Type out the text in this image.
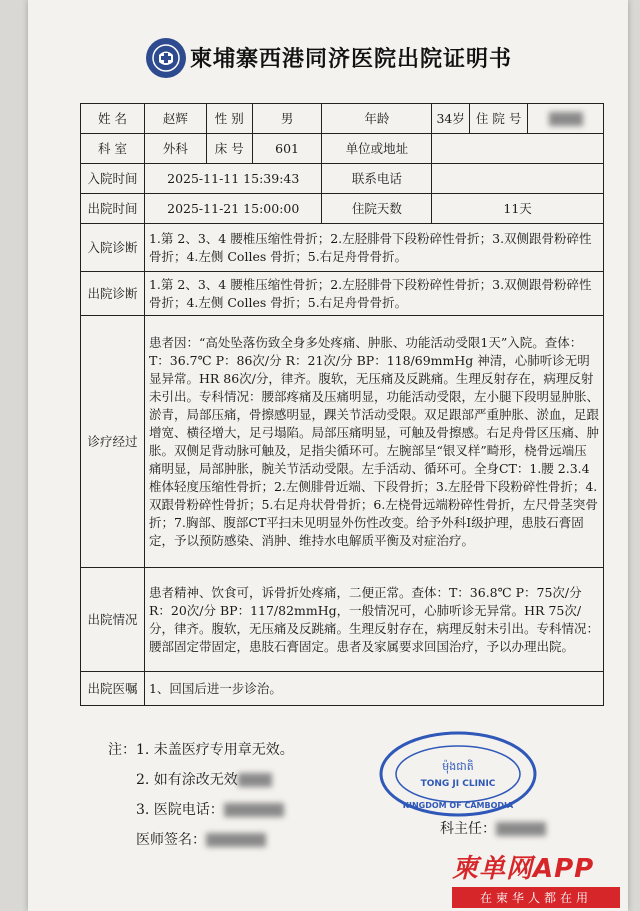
柬埔寨西港同济医院出院证明书
姓 名	赵辉	性 别	男	年龄	34岁	住 院 号	
科 室	外科	床 号	601	单位或地址			
入院时间	2025-11-11 15:39:43			联系电话			
出院时间	2025-11-21 15:00:00			住院天数	11天		
入院诊断	1.第 2、3、4 腰椎压缩性骨折；2.左胫腓骨下段粉碎性骨折；3.双侧跟骨粉碎性骨折；4.左侧 Colles 骨折；5.右足舟骨骨折。						
出院诊断	1.第 2、3、4 腰椎压缩性骨折；2.左胫腓骨下段粉碎性骨折；3.双侧跟骨粉碎性骨折；4.左侧 Colles 骨折；5.右足舟骨骨折。						
诊疗经过	患者因：“高处坠落伤致全身多处疼痛、肿胀、功能活动受限1天”入院。查体：T：36.7℃ P：86次/分 R：21次/分 BP：118/69mmHg 神清，心肺听诊无明显异常。HR 86次/分，律齐。腹软，无压痛及反跳痛。生理反射存在，病理反射未引出。专科情况：腰部疼痛及压痛明显，功能活动受限，左小腿下段明显肿胀、淤青，局部压痛，骨擦感明显，踝关节活动受限。双足跟部严重肿胀、淤血，足跟增宽、横径增大，足弓塌陷。局部压痛明显，可触及骨擦感。右足舟骨区压痛、肿胀。双侧足背动脉可触及，足指尖循环可。左腕部呈“银叉样”畸形，桡骨远端压痛明显，局部肿胀，腕关节活动受限。左手活动、循环可。全身CT：1.腰 2.3.4 椎体轻度压缩性骨折；2.左侧腓骨近端、下段骨折；3.左胫骨下段粉碎性骨折；4.双跟骨粉碎性骨折；5.右足舟状骨骨折；6.左桡骨远端粉碎性骨折，左尺骨茎突骨折；7.胸部、腹部CT平扫未见明显外伤性改变。给予外科Ⅰ级护理，患肢石膏固定，予以预防感染、消肿、维持水电解质平衡及对症治疗。						
出院情况	患者精神、饮食可，诉骨折处疼痛，二便正常。查体：T：36.8℃ P：75次/分 R：20次/分 BP：117/82mmHg，一般情况可，心肺听诊无异常。HR 75次/分，律齐。腹软，无压痛及反跳痛。生理反射存在，病理反射未引出。专科情况：腰部固定带固定，患肢石膏固定。患者及家属要求回国治疗，予以办理出院。						
出院医嘱	1、回国后进一步诊治。						
注：1. 未盖医疗专用章无效。
2. 如有涂改无效
3. 医院电话：
医师签名：
ម៉ុងជាតិ
TONG JI CLINIC
KINGDOM OF CAMBODIA
科主任：
柬单网APP
在柬华人都在用
